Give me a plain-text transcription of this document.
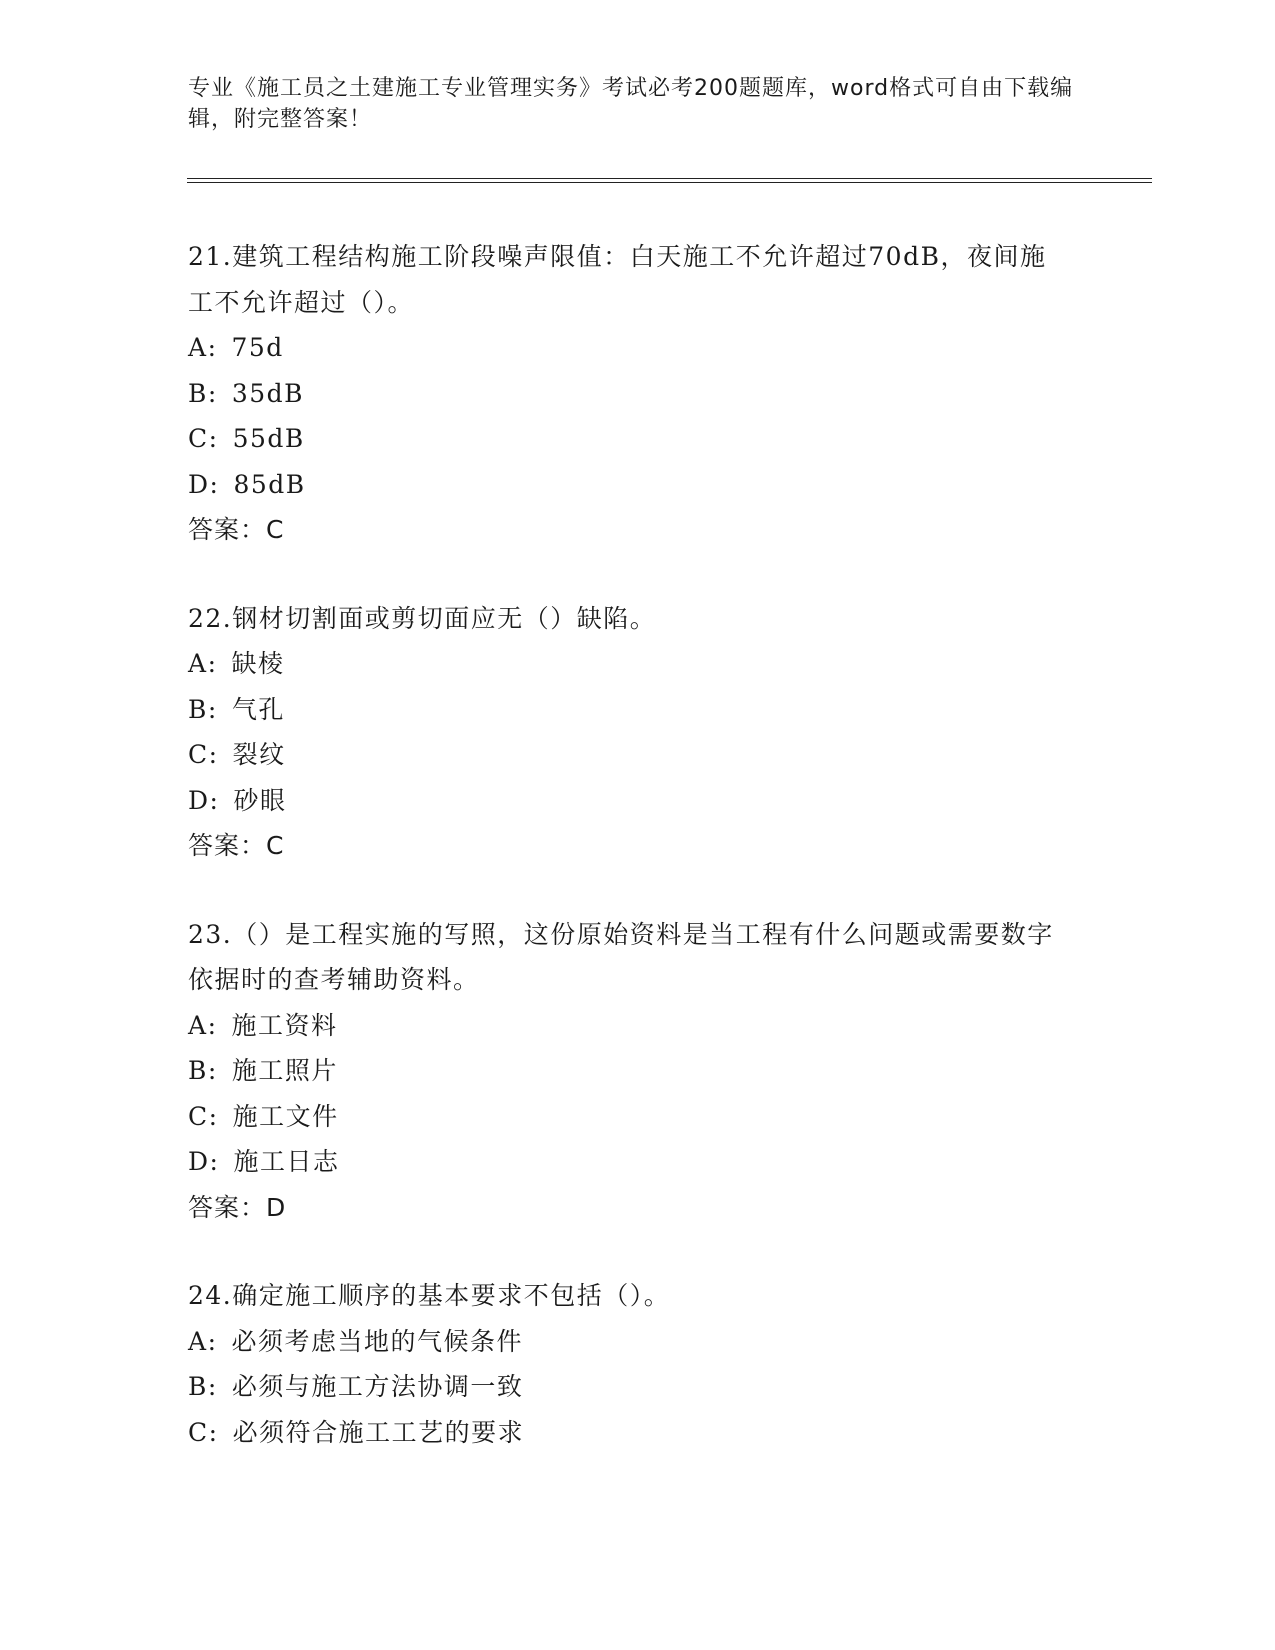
专业《施工员之土建施工专业管理实务》考试必考200题题库，word格式可自由下载编辑，附完整答案！
21.建筑工程结构施工阶段噪声限值：白天施工不允许超过70dB，夜间施工不允许超过（）。
A: 75d
B: 35dB
C: 55dB
D: 85dB
答案：C
22.钢材切割面或剪切面应无（）缺陷。
A: 缺棱
B: 气孔
C: 裂纹
D: 砂眼
答案：C
23.（）是工程实施的写照，这份原始资料是当工程有什么问题或需要数字依据时的查考辅助资料。
A: 施工资料
B: 施工照片
C: 施工文件
D: 施工日志
答案：D
24.确定施工顺序的基本要求不包括（）。
A: 必须考虑当地的气候条件
B: 必须与施工方法协调一致
C: 必须符合施工工艺的要求
